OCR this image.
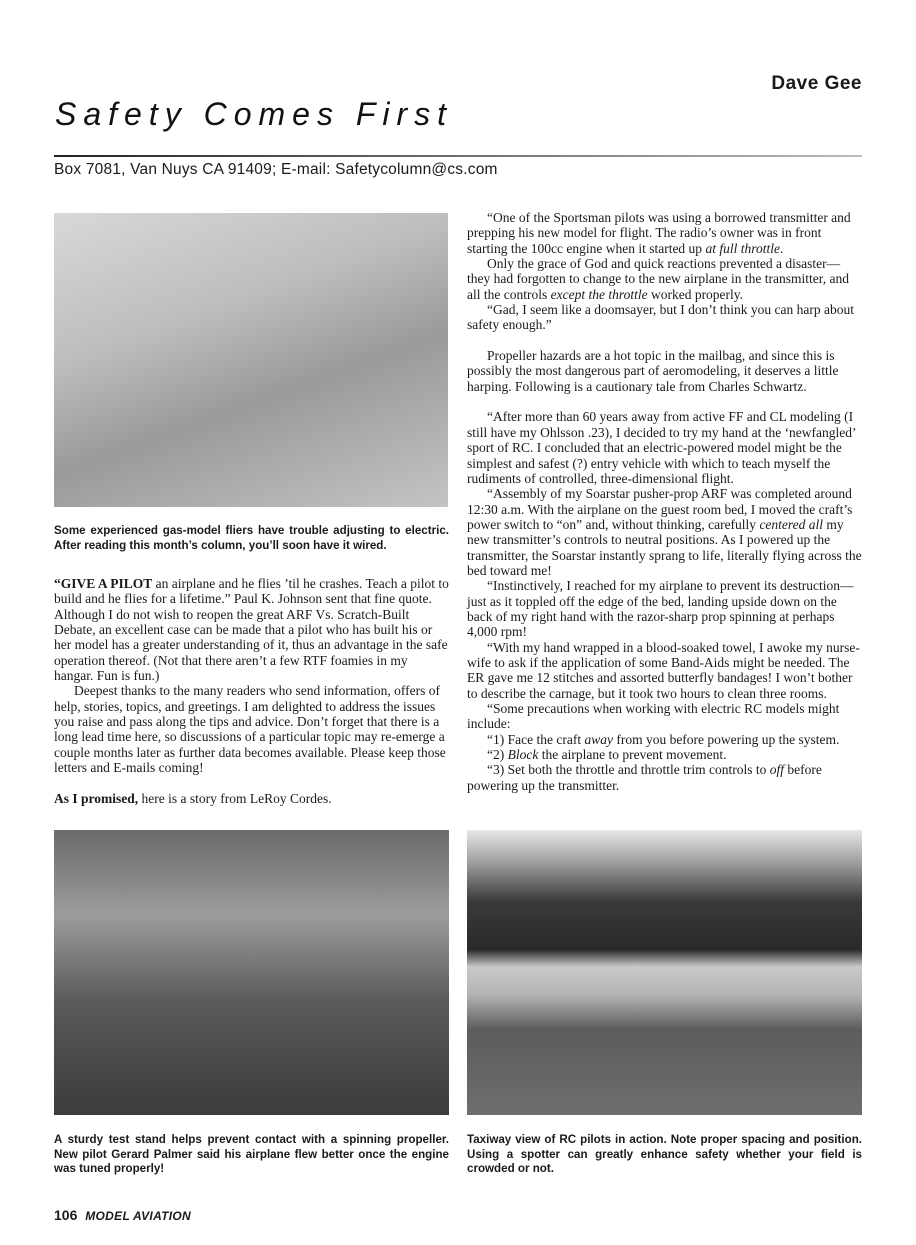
Dave Gee
Safety Comes First
Box 7081, Van Nuys CA 91409; E-mail: Safetycolumn@cs.com
Some experienced gas-model fliers have trouble adjusting to electric. After reading this month’s column, you’ll soon have it wired.

“GIVE A PILOT an airplane and he flies ’til he crashes. Teach a pilot to build and he flies for a lifetime.” Paul K. Johnson sent that fine quote. Although I do not wish to reopen the great ARF Vs. Scratch-Built Debate, an excellent case can be made that a pilot who has built his or her model has a greater understanding of it, thus an advantage in the safe operation thereof. (Not that there aren’t a few RTF foamies in my hangar. Fun is fun.)

Deepest thanks to the many readers who send information, offers of help, stories, topics, and greetings. I am delighted to address the issues you raise and pass along the tips and advice. Don’t forget that there is a long lead time here, so discussions of a particular topic may re-emerge a couple months later as further data becomes available. Please keep those letters and E-mails coming!

As I promised, here is a story from LeRoy Cordes.

“One of the Sportsman pilots was using a borrowed transmitter and prepping his new model for flight. The radio’s owner was in front starting the 100cc engine when it started up at full throttle.

Only the grace of God and quick reactions prevented a disaster—they had forgotten to change to the new airplane in the transmitter, and all the controls except the throttle worked properly.

“Gad, I seem like a doomsayer, but I don’t think you can harp about safety enough.”

Propeller hazards are a hot topic in the mailbag, and since this is possibly the most dangerous part of aeromodeling, it deserves a little harping. Following is a cautionary tale from Charles Schwartz.

“After more than 60 years away from active FF and CL modeling (I still have my Ohlsson .23), I decided to try my hand at the ‘newfangled’ sport of RC. I concluded that an electric-powered model might be the simplest and safest (?) entry vehicle with which to teach myself the rudiments of controlled, three-dimensional flight.

“Assembly of my Soarstar pusher-prop ARF was completed around 12:30 a.m. With the airplane on the guest room bed, I moved the craft’s power switch to “on” and, without thinking, carefully centered all my new transmitter’s controls to neutral positions. As I powered up the transmitter, the Soarstar instantly sprang to life, literally flying across the bed toward me!

“Instinctively, I reached for my airplane to prevent its destruction—just as it toppled off the edge of the bed, landing upside down on the back of my right hand with the razor-sharp prop spinning at perhaps 4,000 rpm!

“With my hand wrapped in a blood-soaked towel, I awoke my nurse-wife to ask if the application of some Band-Aids might be needed. The ER gave me 12 stitches and assorted butterfly bandages! I won’t bother to describe the carnage, but it took two hours to clean three rooms.

“Some precautions when working with electric RC models might include:

“1) Face the craft away from you before powering up the system.

“2) Block the airplane to prevent movement.

“3) Set both the throttle and throttle trim controls to off before powering up the transmitter.

A sturdy test stand helps prevent contact with a spinning propeller. New pilot Gerard Palmer said his airplane flew better once the engine was tuned properly!
Taxiway view of RC pilots in action. Note proper spacing and position. Using a spotter can greatly enhance safety whether your field is crowded or not.
106 MODEL AVIATION
